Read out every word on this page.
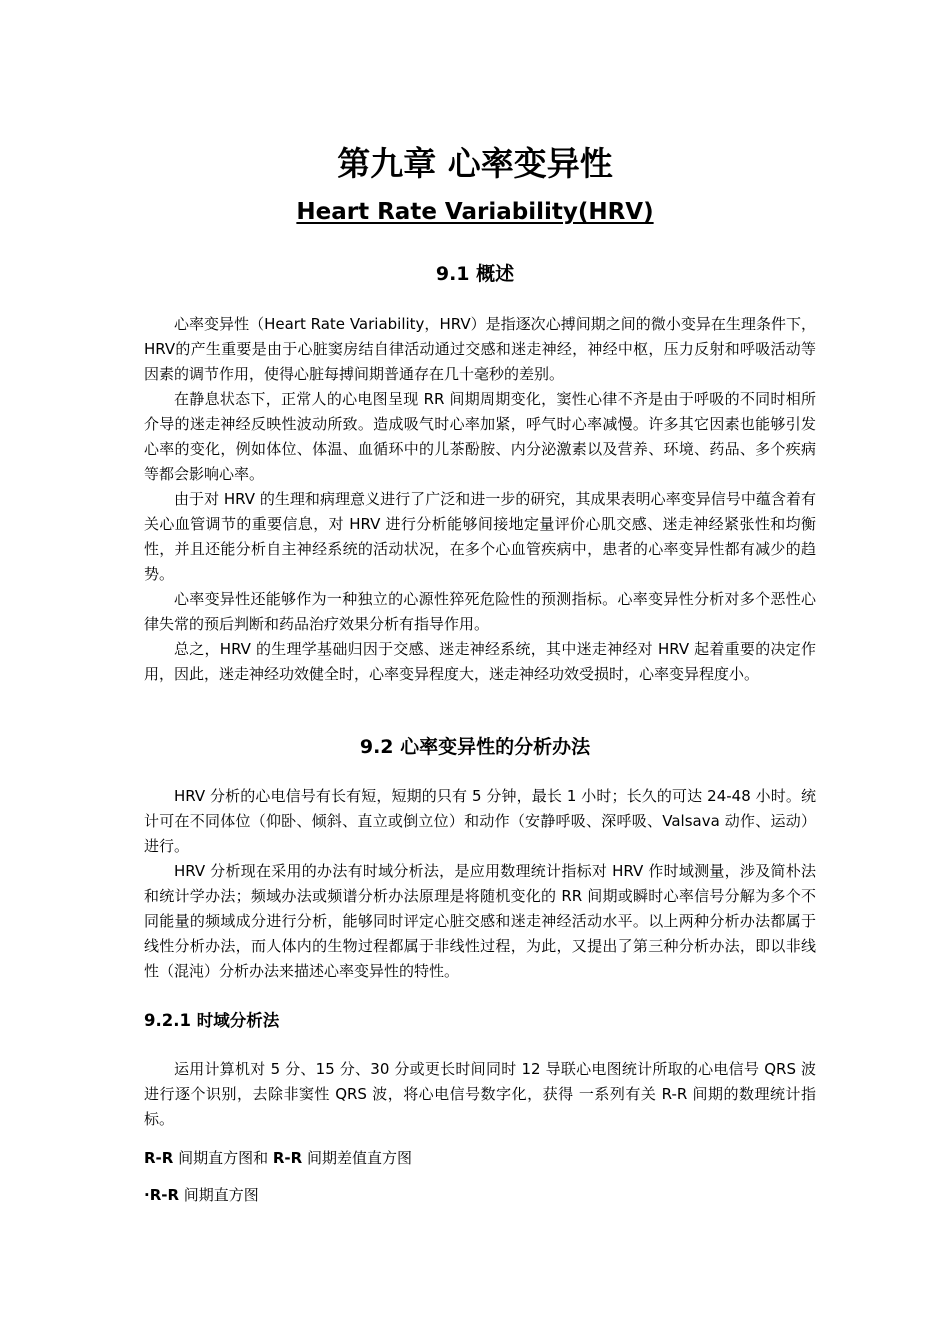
第九章 心率变异性
Heart Rate Variability(HRV)
9.1 概述

心率变异性（Heart Rate Variability，HRV）是指逐次心搏间期之间的微小变异在生理条件下，HRV的产生重要是由于心脏窦房结自律活动通过交感和迷走神经，神经中枢，压力反射和呼吸活动等因素的调节作用，使得心脏每搏间期普通存在几十毫秒的差别。

在静息状态下，正常人的心电图呈现 RR 间期周期变化，窦性心律不齐是由于呼吸的不同时相所介导的迷走神经反映性波动所致。造成吸气时心率加紧，呼气时心率减慢。许多其它因素也能够引发心率的变化，例如体位、体温、血循环中的儿茶酚胺、内分泌激素以及营养、环境、药品、多个疾病等都会影响心率。

由于对 HRV 的生理和病理意义进行了广泛和进一步的研究，其成果表明心率变异信号中蕴含着有关心血管调节的重要信息，对 HRV 进行分析能够间接地定量评价心肌交感、迷走神经紧张性和均衡性，并且还能分析自主神经系统的活动状况，在多个心血管疾病中，患者的心率变异性都有减少的趋势。

心率变异性还能够作为一种独立的心源性猝死危险性的预测指标。心率变异性分析对多个恶性心律失常的预后判断和药品治疗效果分析有指导作用。

总之，HRV 的生理学基础归因于交感、迷走神经系统，其中迷走神经对 HRV 起着重要的决定作用，因此，迷走神经功效健全时，心率变异程度大，迷走神经功效受损时，心率变异程度小。

9.2 心率变异性的分析办法

HRV 分析的心电信号有长有短，短期的只有 5 分钟，最长 1 小时；长久的可达 24-48 小时。统计可在不同体位（仰卧、倾斜、直立或倒立位）和动作（安静呼吸、深呼吸、Valsava 动作、运动）进行。

HRV 分析现在采用的办法有时域分析法，是应用数理统计指标对 HRV 作时域测量，涉及简朴法和统计学办法；频域办法或频谱分析办法原理是将随机变化的 RR 间期或瞬时心率信号分解为多个不同能量的频域成分进行分析，能够同时评定心脏交感和迷走神经活动水平。以上两种分析办法都属于线性分析办法，而人体内的生物过程都属于非线性过程，为此，又提出了第三种分析办法，即以非线性（混沌）分析办法来描述心率变异性的特性。

9.2.1 时域分析法

运用计算机对 5 分、15 分、30 分或更长时间同时 12 导联心电图统计所取的心电信号 QRS 波进行逐个识别，去除非窦性 QRS 波，将心电信号数字化，获得 一系列有关 R-R 间期的数理统计指标。

R-R 间期直方图和 R-R 间期差值直方图
·R-R 间期直方图
